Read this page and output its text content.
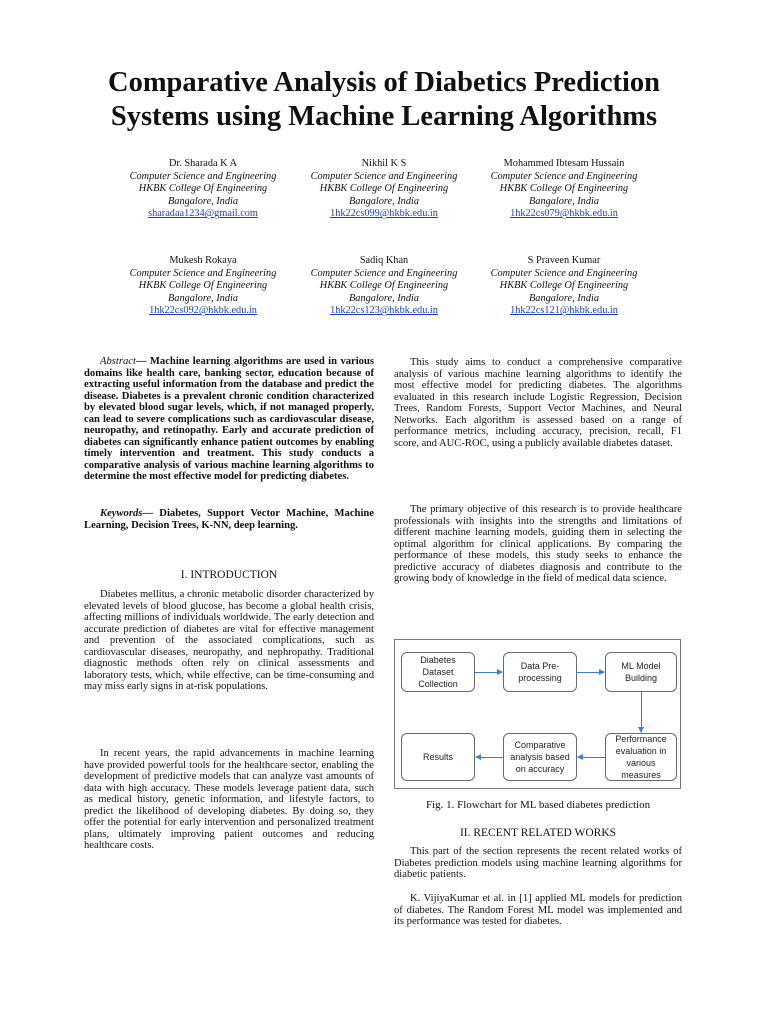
Comparative Analysis of Diabetics Prediction Systems using Machine Learning Algorithms
Dr. Sharada K A
Computer Science and Engineering
HKBK College Of Engineering
Bangalore, India
sharadaa1234@gmail.com
Nikhil K S
Computer Science and Engineering
HKBK College Of Engineering
Bangalore, India
1hk22cs099@hkbk.edu.in
Mohammed Ibtesam Hussain
Computer Science and Engineering
HKBK College Of Engineering
Bangalore, India
1hk22cs079@hkbk.edu.in
Mukesh Rokaya
Computer Science and Engineering
HKBK College Of Engineering
Bangalore, India
1hk22cs092@hkbk.edu.in
Sadiq Khan
Computer Science and Engineering
HKBK College Of Engineering
Bangalore, India
1hk22cs123@hkbk.edu.in
S Praveen Kumar
Computer Science and Engineering
HKBK College Of Engineering
Bangalore, India
1hk22cs121@hkbk.edu.in

Abstract— Machine learning algorithms are used in various domains like health care, banking sector, education because of extracting useful information from the database and predict the disease. Diabetes is a prevalent chronic condition characterized by elevated blood sugar levels, which, if not managed properly, can lead to severe complications such as cardiovascular disease, neuropathy, and retinopathy. Early and accurate prediction of diabetes can significantly enhance patient outcomes by enabling timely intervention and treatment. This study conducts a comparative analysis of various machine learning algorithms to determine the most effective model for predicting diabetes.

Keywords— Diabetes, Support Vector Machine, Machine Learning, Decision Trees, K-NN, deep learning.

I. INTRODUCTION

Diabetes mellitus, a chronic metabolic disorder characterized by elevated levels of blood glucose, has become a global health crisis, affecting millions of individuals worldwide. The early detection and accurate prediction of diabetes are vital for effective management and prevention of the associated complications, such as cardiovascular diseases, neuropathy, and nephropathy. Traditional diagnostic methods often rely on clinical assessments and laboratory tests, which, while effective, can be time-consuming and may miss early signs in at-risk populations.

In recent years, the rapid advancements in machine learning have provided powerful tools for the healthcare sector, enabling the development of predictive models that can analyze vast amounts of data with high accuracy. These models leverage patient data, such as medical history, genetic information, and lifestyle factors, to predict the likelihood of developing diabetes. By doing so, they offer the potential for early intervention and personalized treatment plans, ultimately improving patient outcomes and reducing healthcare costs.

This study aims to conduct a comprehensive comparative analysis of various machine learning algorithms to identify the most effective model for predicting diabetes. The algorithms evaluated in this research include Logistic Regression, Decision Trees, Random Forests, Support Vector Machines, and Neural Networks. Each algorithm is assessed based on a range of performance metrics, including accuracy, precision, recall, F1 score, and AUC-ROC, using a publicly available diabetes dataset.

The primary objective of this research is to provide healthcare professionals with insights into the strengths and limitations of different machine learning models, guiding them in selecting the optimal algorithm for clinical applications. By comparing the performance of these models, this study seeks to enhance the predictive accuracy of diabetes diagnosis and contribute to the growing body of knowledge in the field of medical data science.

Diabetes Dataset Collection
Data Pre-processing
ML Model Building
Performance evaluation in various measures
Comparative analysis based on accuracy
Results
Fig. 1. Flowchart for ML based diabetes prediction
II. RECENT RELATED WORKS

This part of the section represents the recent related works of Diabetes prediction models using machine learning algorithms for diabetic patients.

K. VijiyaKumar et al. in [1] applied ML models for prediction of diabetes. The Random Forest ML model was implemented and its performance was tested for diabetes.
